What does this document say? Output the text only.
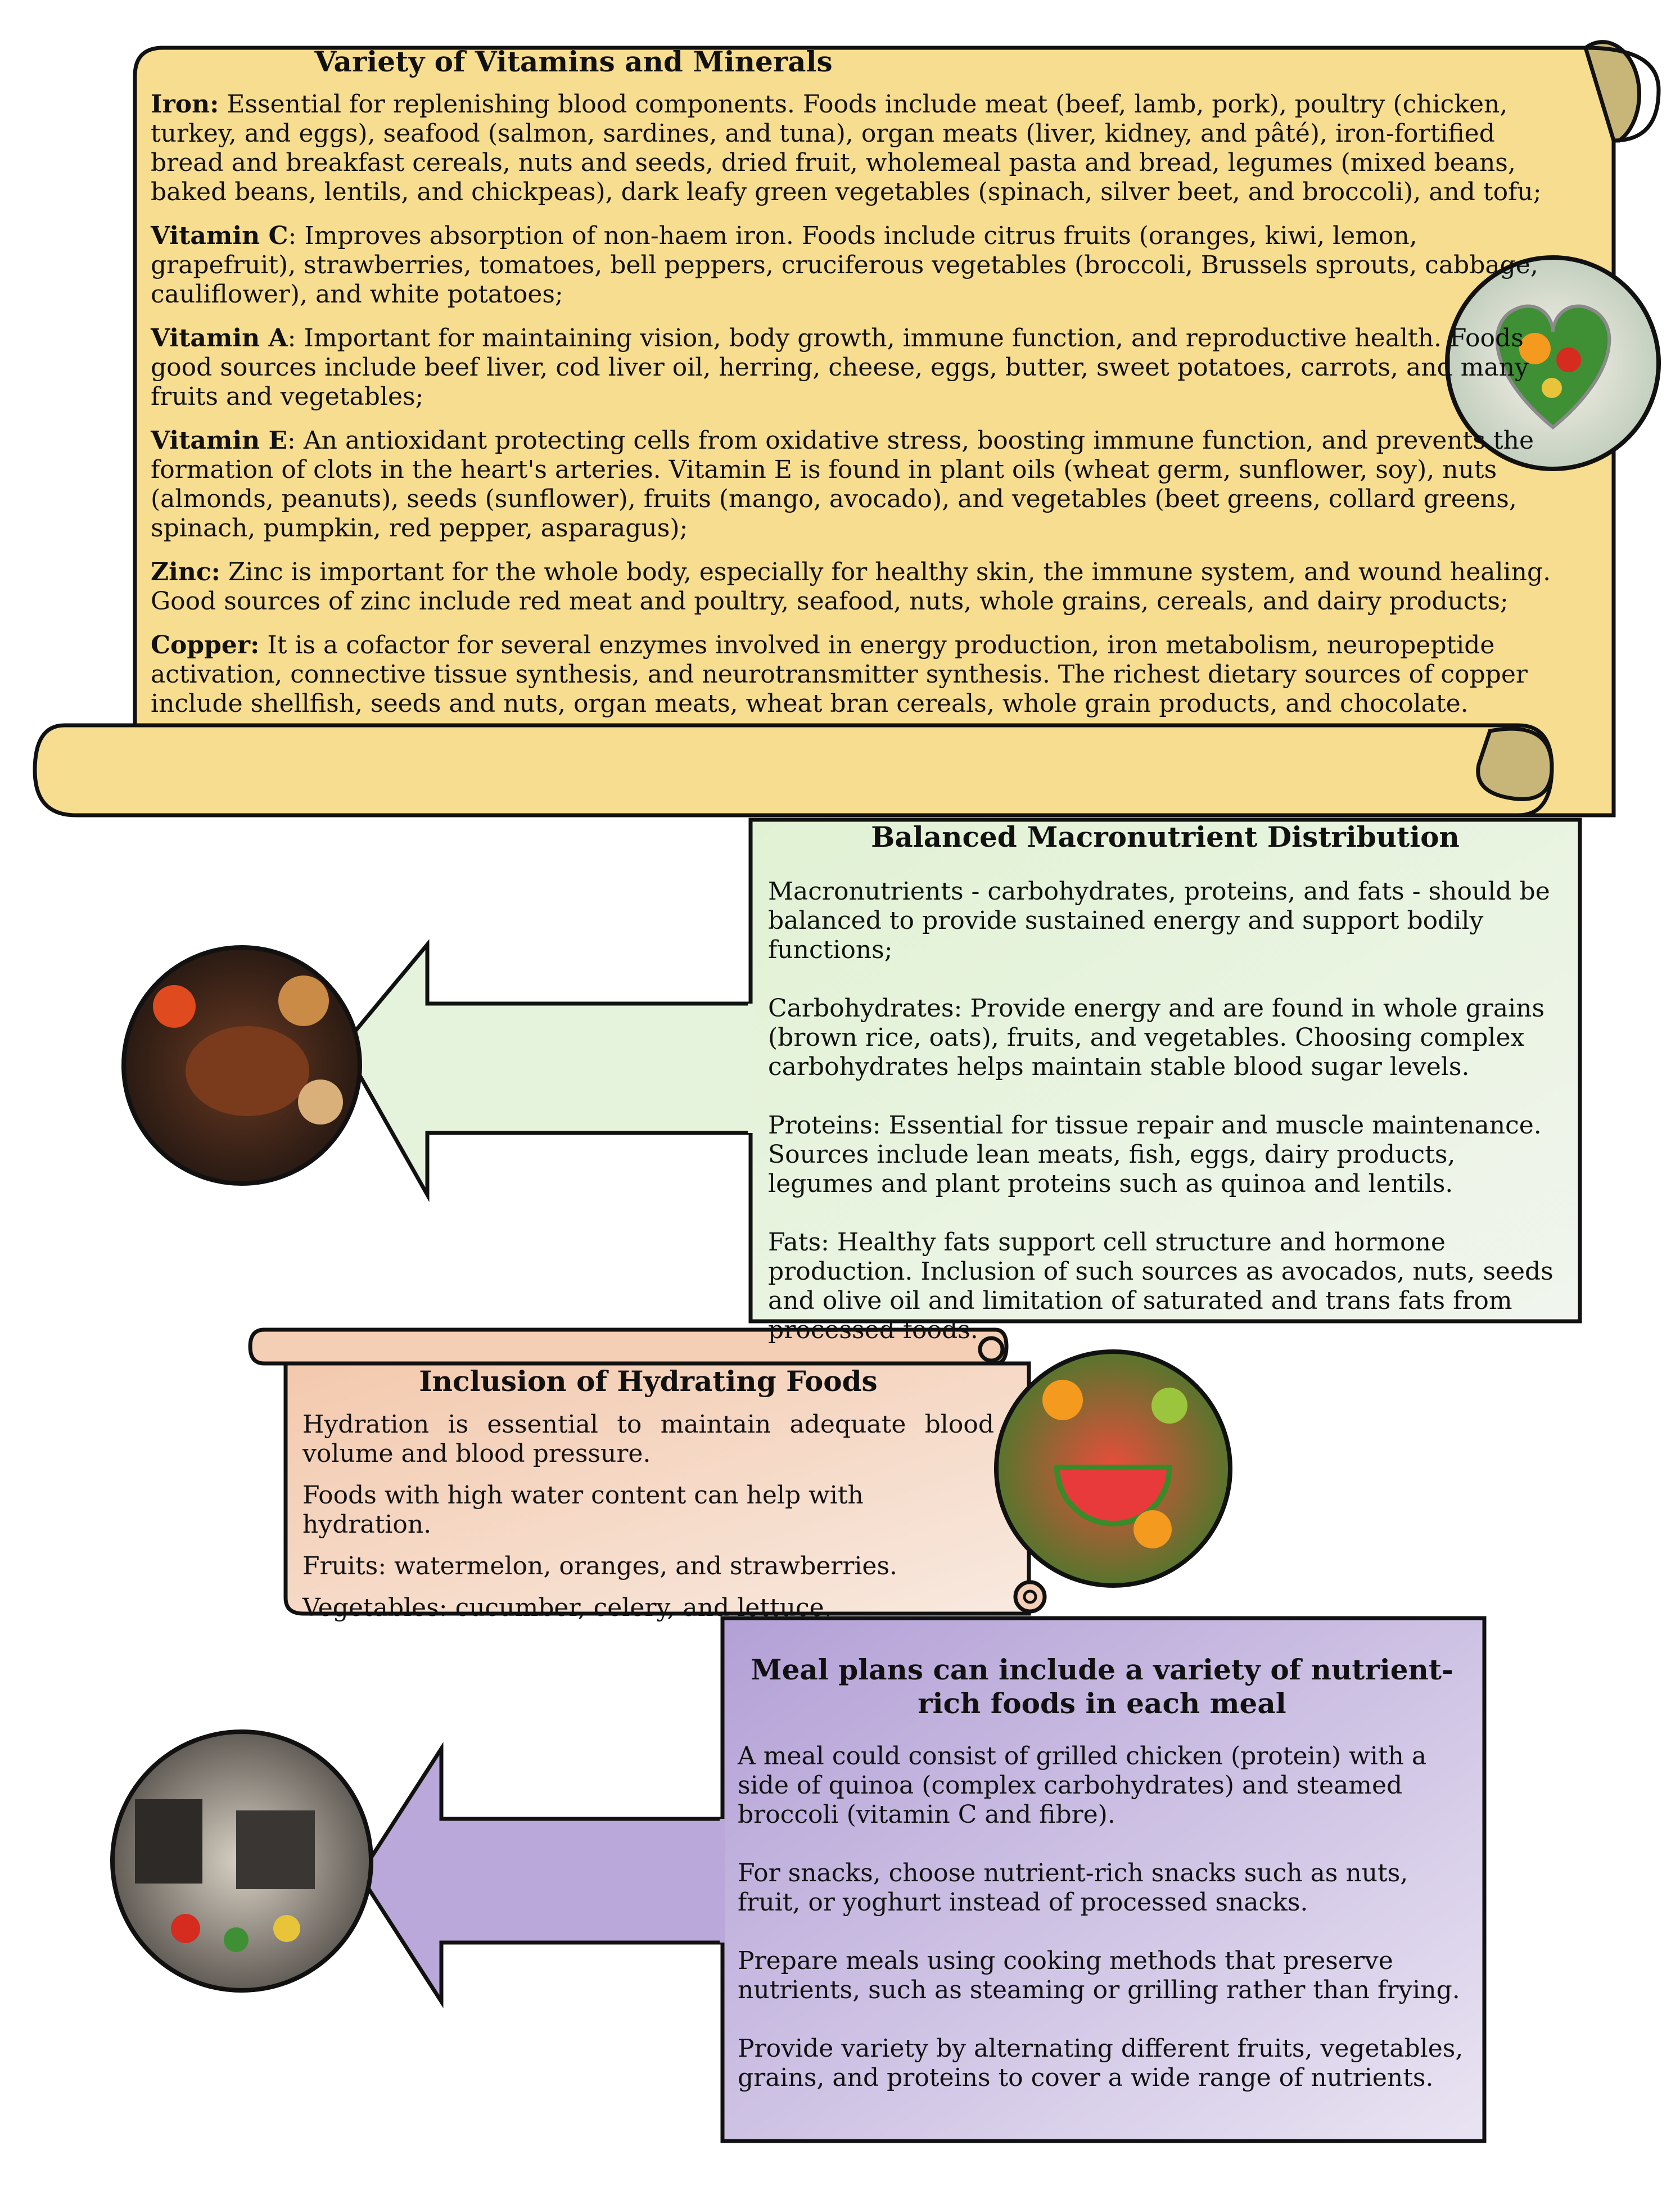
Variety of Vitamins and Minerals

Iron: Essential for replenishing blood components. Foods include meat (beef, lamb, pork), poultry (chicken, turkey, and eggs), seafood (salmon, sardines, and tuna), organ meats (liver, kidney, and pâté), iron-fortified bread and breakfast cereals, nuts and seeds, dried fruit, wholemeal pasta and bread, legumes (mixed beans, baked beans, lentils, and chickpeas), dark leafy green vegetables (spinach, silver beet, and broccoli), and tofu;

Vitamin C: Improves absorption of non-haem iron. Foods include citrus fruits (oranges, kiwi, lemon, grapefruit), strawberries, tomatoes, bell peppers, cruciferous vegetables (broccoli, Brussels sprouts, cabbage, cauliflower), and white potatoes;

Vitamin A: Important for maintaining vision, body growth, immune function, and reproductive health. Foods good sources include beef liver, cod liver oil, herring, cheese, eggs, butter, sweet potatoes, carrots, and many fruits and vegetables;

Vitamin E: An antioxidant protecting cells from oxidative stress, boosting immune function, and prevents the formation of clots in the heart's arteries. Vitamin E is found in plant oils (wheat germ, sunflower, soy), nuts (almonds, peanuts), seeds (sunflower), fruits (mango, avocado), and vegetables (beet greens, collard greens, spinach, pumpkin, red pepper, asparagus);

Zinc: Zinc is important for the whole body, especially for healthy skin, the immune system, and wound healing. Good sources of zinc include red meat and poultry, seafood, nuts, whole grains, cereals, and dairy products;

Copper: It is a cofactor for several enzymes involved in energy production, iron metabolism, neuropeptide activation, connective tissue synthesis, and neurotransmitter synthesis. The richest dietary sources of copper include shellfish, seeds and nuts, organ meats, wheat bran cereals, whole grain products, and chocolate.

Balanced Macronutrient Distribution

Macronutrients - carbohydrates, proteins, and fats - should be balanced to provide sustained energy and support bodily functions;

Carbohydrates: Provide energy and are found in whole grains (brown rice, oats), fruits, and vegetables. Choosing complex carbohydrates helps maintain stable blood sugar levels.

Proteins: Essential for tissue repair and muscle maintenance. Sources include lean meats, fish, eggs, dairy products, legumes and plant proteins such as quinoa and lentils.

Fats: Healthy fats support cell structure and hormone production. Inclusion of such sources as avocados, nuts, seeds and olive oil and limitation of saturated and trans fats from processed foods.

Inclusion of Hydrating Foods

Hydration is essential to maintain adequate blood volume and blood pressure.

Foods with high water content can help with hydration.

Fruits: watermelon, oranges, and strawberries.

Vegetables: cucumber, celery, and lettuce.

Meal plans can include a variety of nutrient-rich foods in each meal

A meal could consist of grilled chicken (protein) with a side of quinoa (complex carbohydrates) and steamed broccoli (vitamin C and fibre).

For snacks, choose nutrient-rich snacks such as nuts, fruit, or yoghurt instead of processed snacks.

Prepare meals using cooking methods that preserve nutrients, such as steaming or grilling rather than frying.

Provide variety by alternating different fruits, vegetables, grains, and proteins to cover a wide range of nutrients.
